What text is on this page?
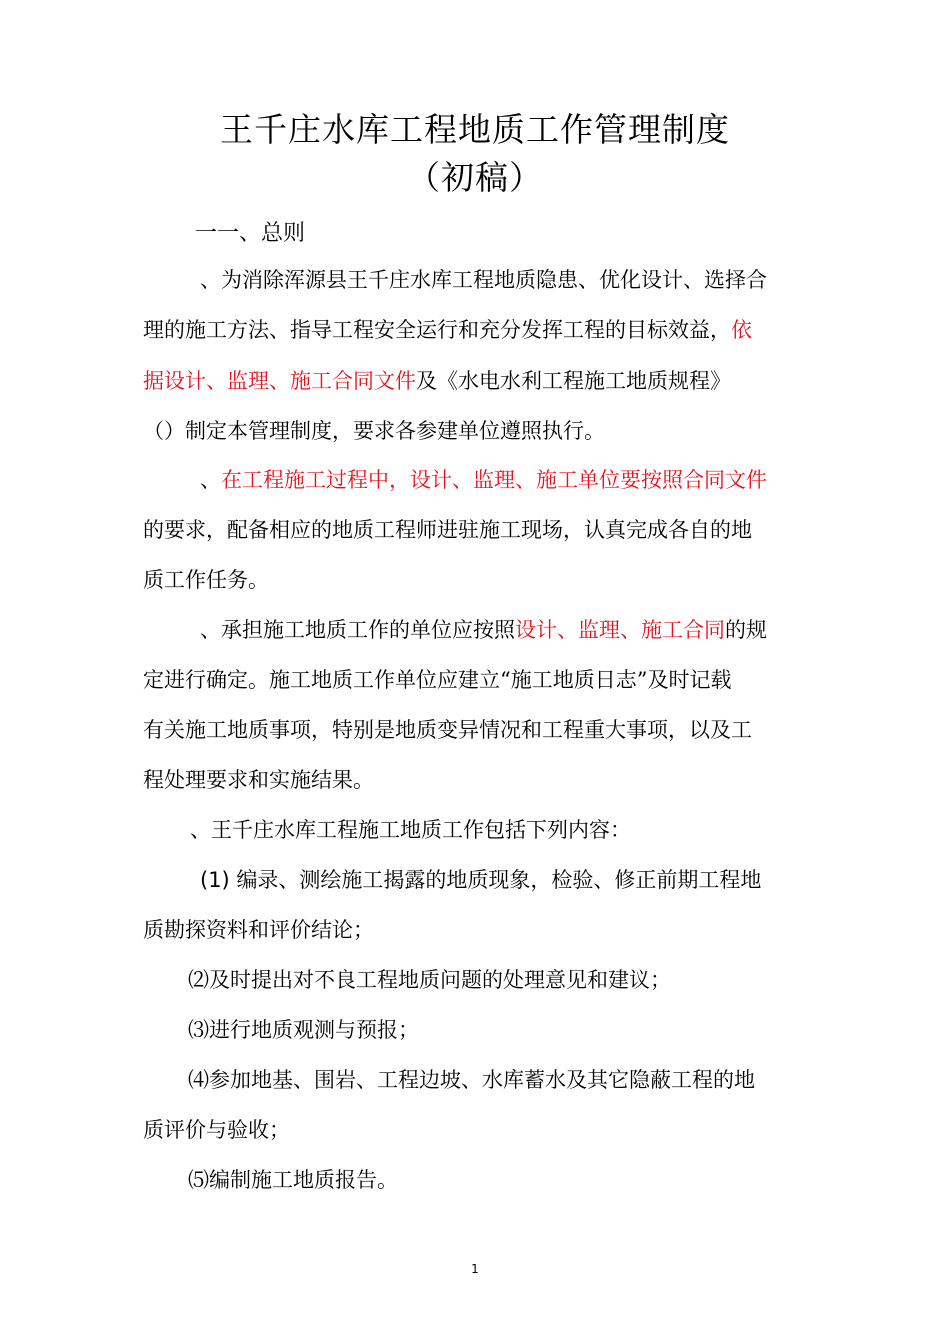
王千庄水库工程地质工作管理制度
（初稿）
一一、总则
、为消除浑源县王千庄水库工程地质隐患、优化设计、选择合
理的施工方法、指导工程安全运行和充分发挥工程的目标效益，依
据设计、监理、施工合同文件及《水电水利工程施工地质规程》
（）制定本管理制度，要求各参建单位遵照执行。
、在工程施工过程中，设计、监理、施工单位要按照合同文件
的要求，配备相应的地质工程师进驻施工现场，认真完成各自的地
质工作任务。
、承担施工地质工作的单位应按照设计、监理、施工合同的规
定进行确定。施工地质工作单位应建立“施工地质日志”及时记载
有关施工地质事项，特别是地质变异情况和工程重大事项，以及工
程处理要求和实施结果。
、王千庄水库工程施工地质工作包括下列内容：
(1) 编录、测绘施工揭露的地质现象，检验、修正前期工程地
质勘探资料和评价结论；
⑵及时提出对不良工程地质问题的处理意见和建议；
⑶进行地质观测与预报；
⑷参加地基、围岩、工程边坡、水库蓄水及其它隐蔽工程的地
质评价与验收；
⑸编制施工地质报告。
1
